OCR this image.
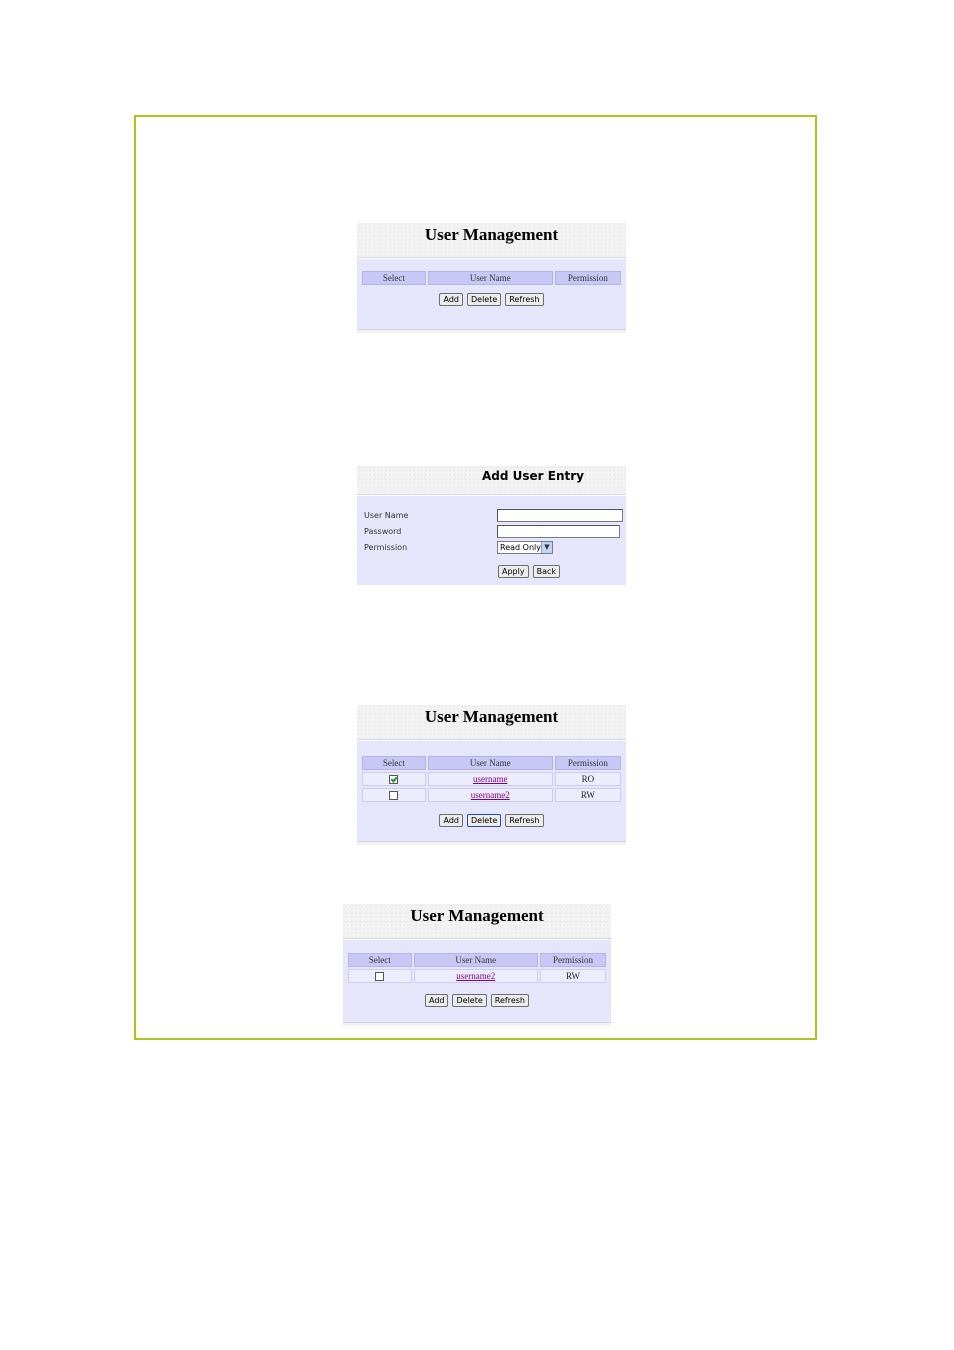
User Management
Select	User Name	Permission
Add Delete Refresh
Add User Entry
User Name
Password
Permission	Read Only ▼
Apply Back
User Management
Select	User Name	Permission
	username	RO
	username2	RW
Add Delete Refresh
User Management
Select	User Name	Permission
	username2	RW
Add Delete Refresh
